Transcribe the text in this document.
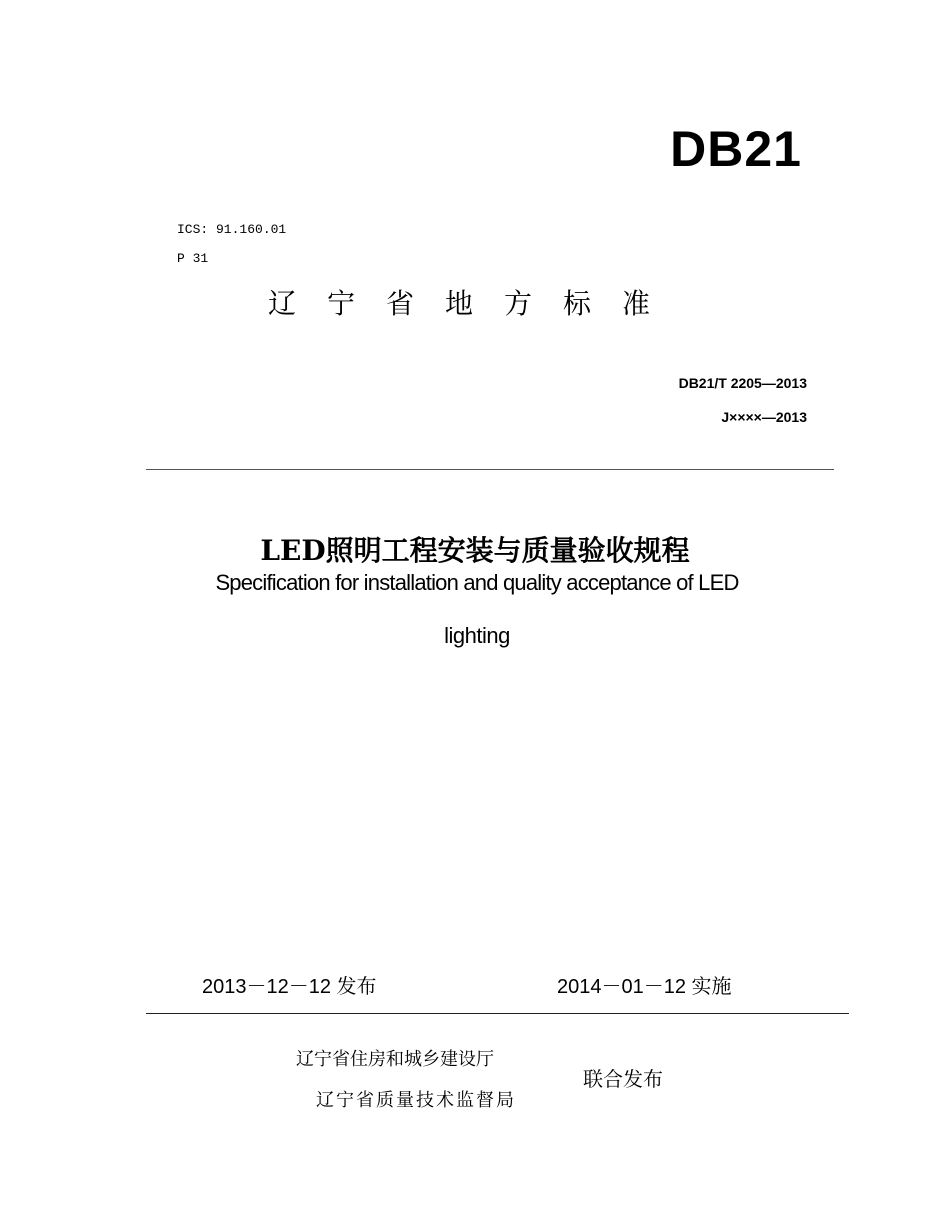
DB21
ICS: 91.160.01
P 31
辽宁省地方标准
DB21/T 2205—2013
J××××—2013
LED照明工程安装与质量验收规程
Specification for installation and quality acceptance of LED
lighting
2013－12－12 发布	2014－01－12 实施
辽宁省住房和城乡建设厅
辽宁省质量技术监督局
联合发布
